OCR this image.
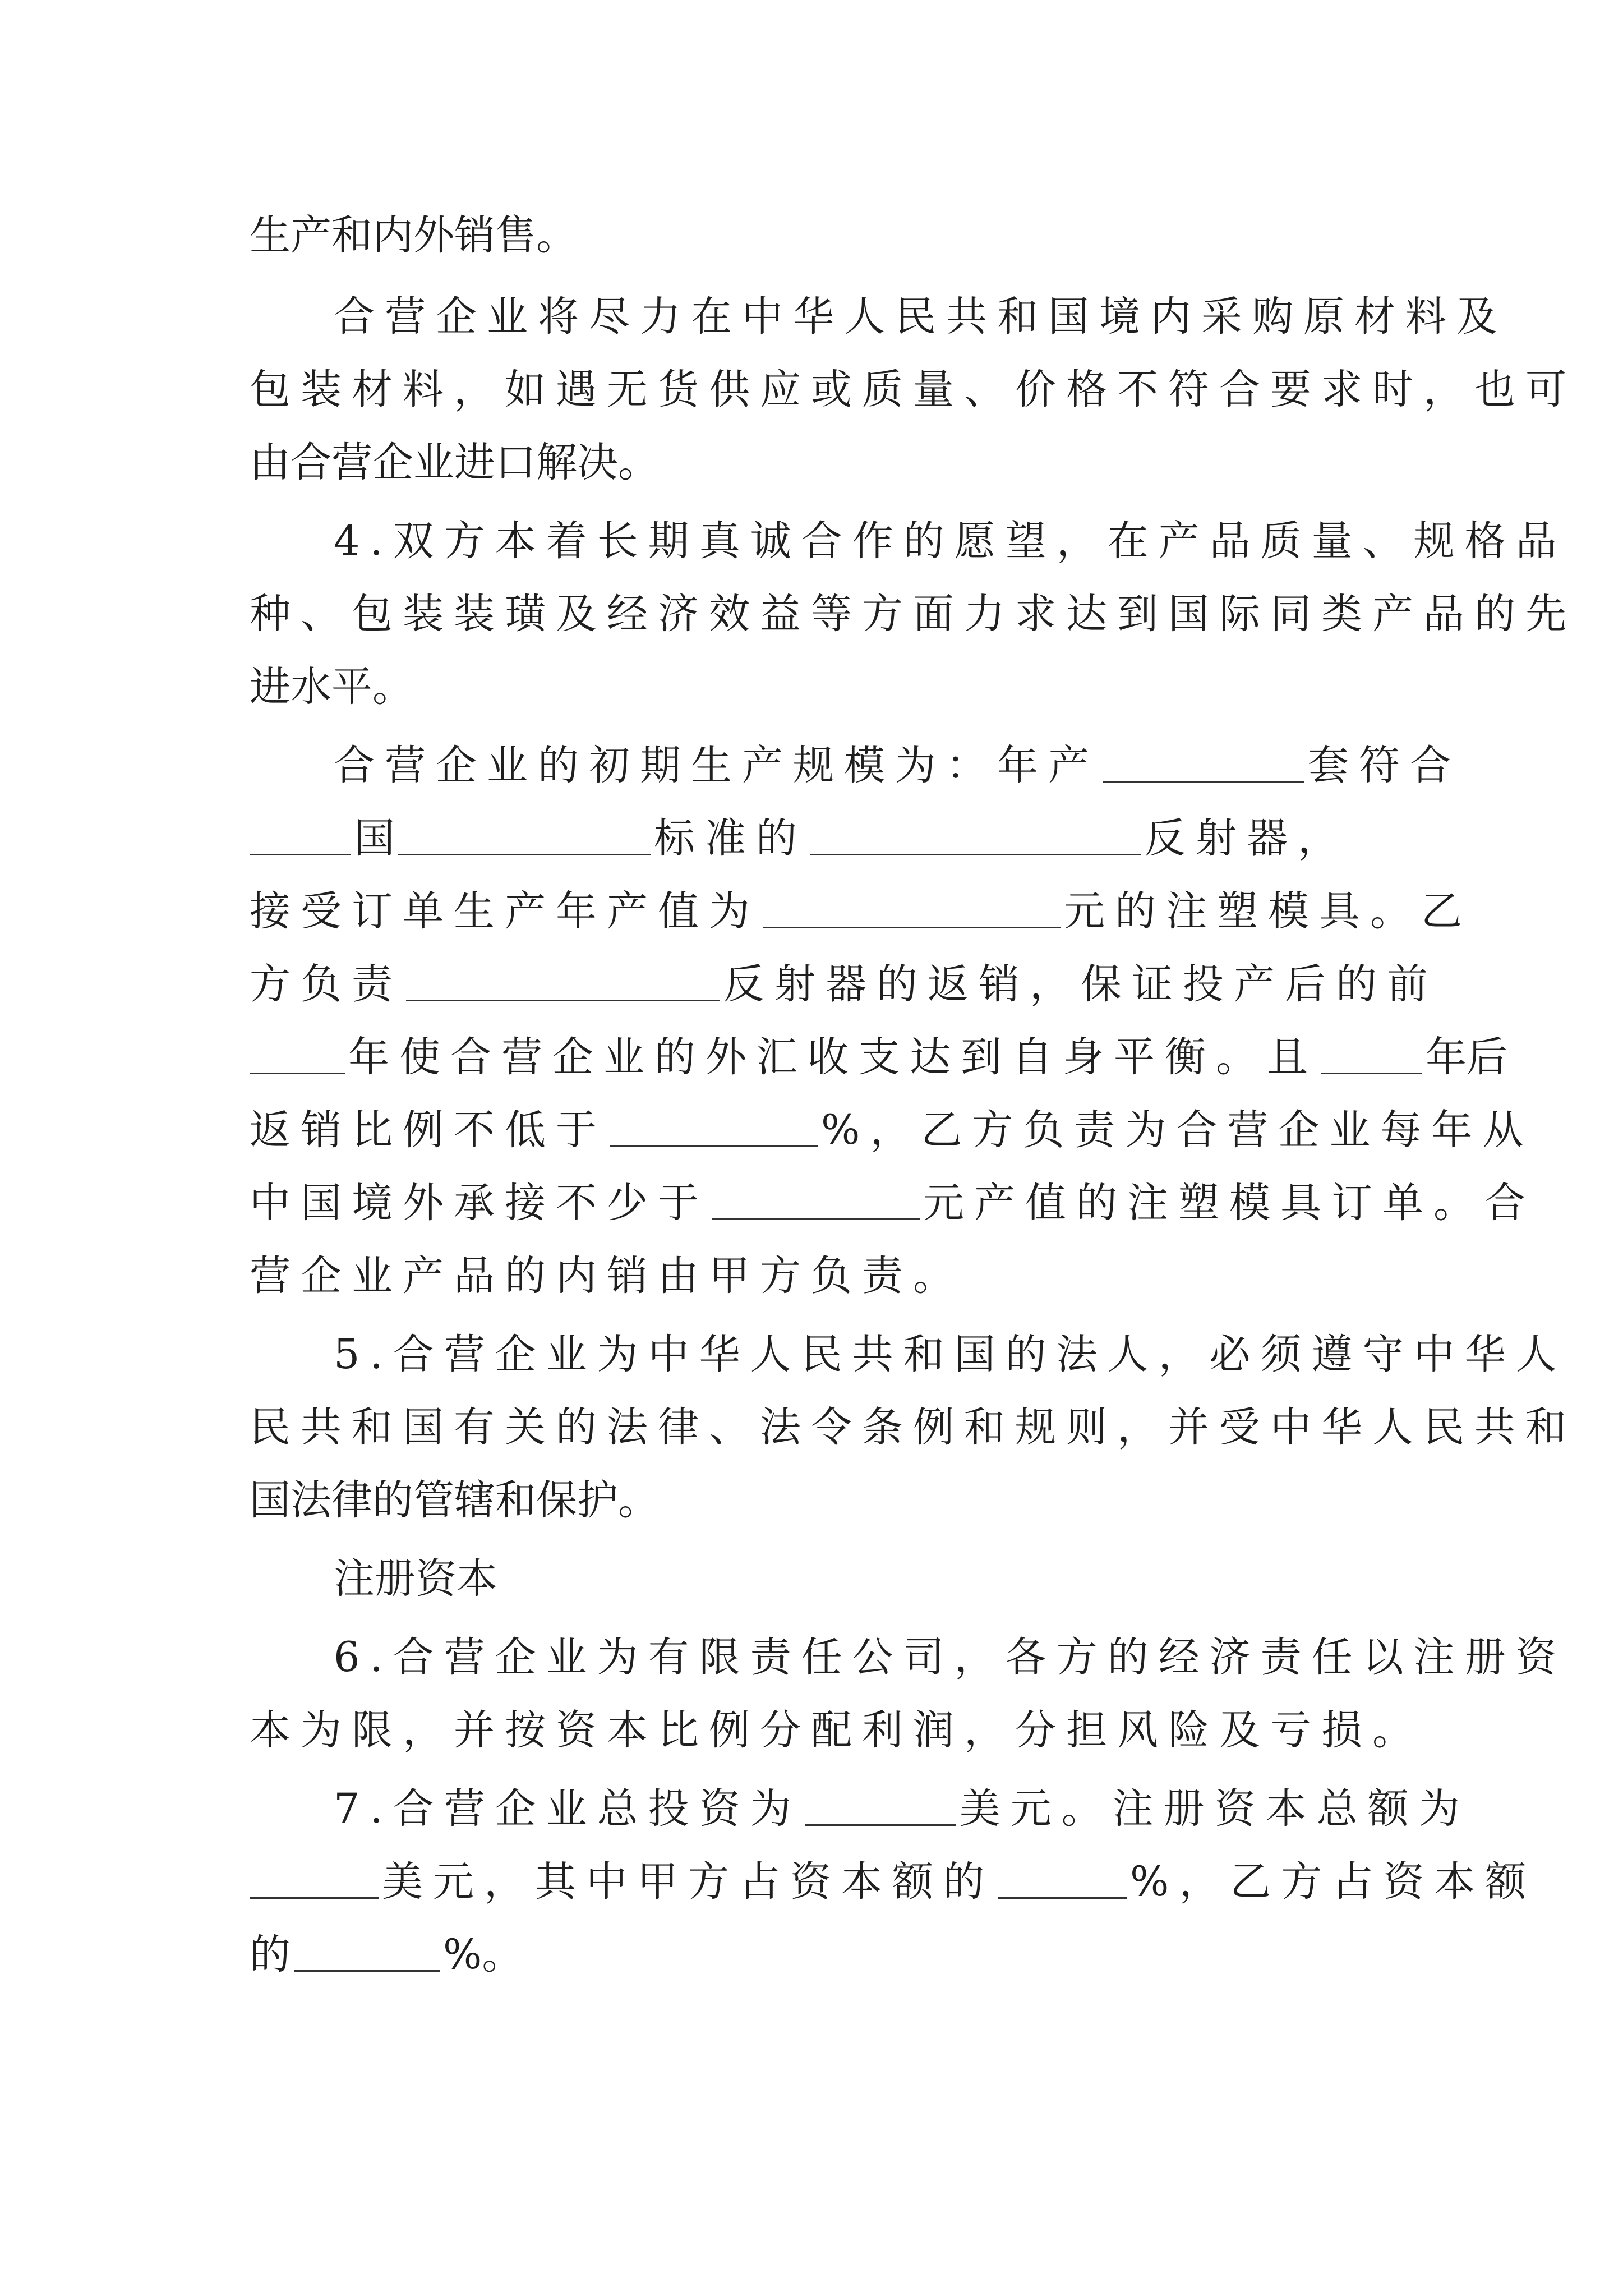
生产和内外销售。
合营企业将尽力在中华人民共和国境内采购原材料及
包装材料，如遇无货供应或质量、价格不符合要求时，也可
由合营企业进口解决。
4.双方本着长期真诚合作的愿望，在产品质量、规格品
种、包装装璜及经济效益等方面力求达到国际同类产品的先
进水平。
合营企业的初期生产规模为：年产	套符合
国	标准的	反射器，
接受订单生产年产值为	元的注塑模具。乙
方负责	反射器的返销，保证投产后的前
年使合营企业的外汇收支达到自身平衡。且	年后
返销比例不低于	%，乙方负责为合营企业每年从
中国境外承接不少于	元产值的注塑模具订单。合
营企业产品的内销由甲方负责。
5.合营企业为中华人民共和国的法人，必须遵守中华人
民共和国有关的法律、法令条例和规则，并受中华人民共和
国法律的管辖和保护。
注册资本
6.合营企业为有限责任公司，各方的经济责任以注册资
本为限，并按资本比例分配利润，分担风险及亏损。
7.合营企业总投资为	美元。注册资本总额为
美元，其中甲方占资本额的	%，乙方占资本额
的	%。
